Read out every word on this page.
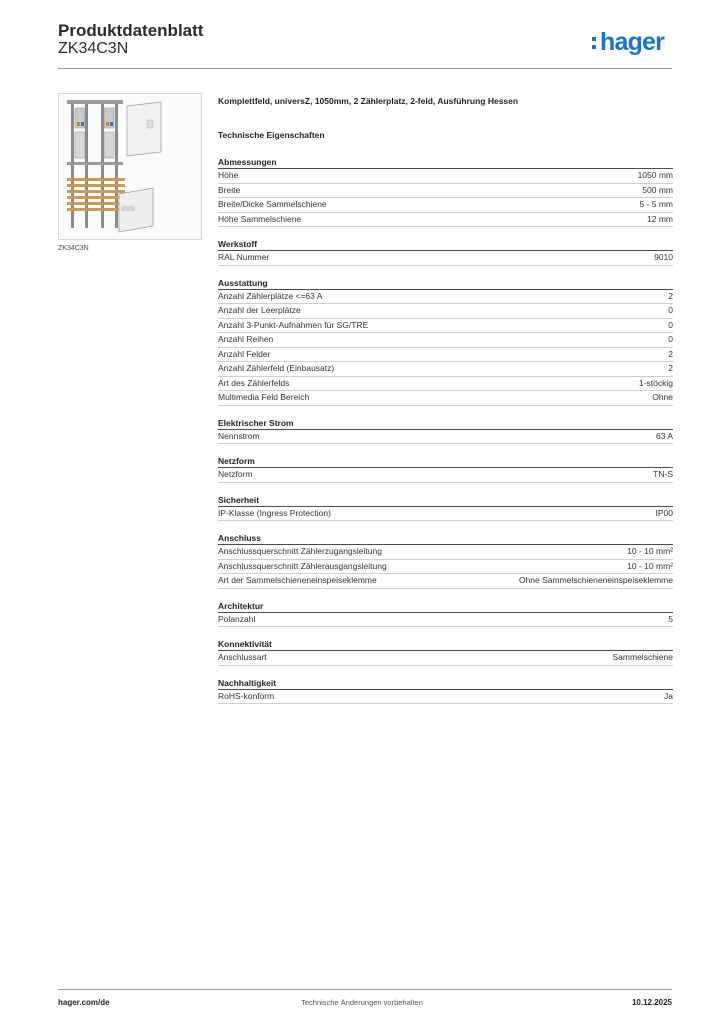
Produktdatenblatt
ZK34C3N	hager
ZK34C3N
Komplettfeld, universZ, 1050mm, 2 Zählerplatz, 2-feld, Ausführung Hessen
Technische Eigenschaften
Abmessungen
Höhe	1050 mm
Breite	500 mm
Breite/Dicke Sammelschiene	5 - 5 mm
Höhe Sammelschiene	12 mm
Werkstoff
RAL Nummer	9010
Ausstattung
Anzahl Zählerplätze <=63 A	2
Anzahl der Leerplätze	0
Anzahl 3-Punkt-Aufnahmen für SG/TRE	0
Anzahl Reihen	0
Anzahl Felder	2
Anzahl Zählerfeld (Einbausatz)	2
Art des Zählerfelds	1-stöckig
Multimedia Feld Bereich	Ohne
Elektrischer Strom
Nennstrom	63 A
Netzform
Netzform	TN-S
Sicherheit
IP-Klasse (Ingress Protection)	IP00
Anschluss
Anschlussquerschnitt Zählerzugangsleitung	10 - 10 mm²
Anschlussquerschnitt Zählerausgangsleitung	10 - 10 mm²
Art der Sammelschieneneinspeiseklemme	Ohne Sammelschieneneinspeiseklemme
Architektur
Polanzahl	5
Konnektivität
Anschlussart	Sammelschiene
Nachhaltigkeit
RoHS-konform	Ja
hager.com/de	Technische Änderungen vorbehalten	10.12.2025
